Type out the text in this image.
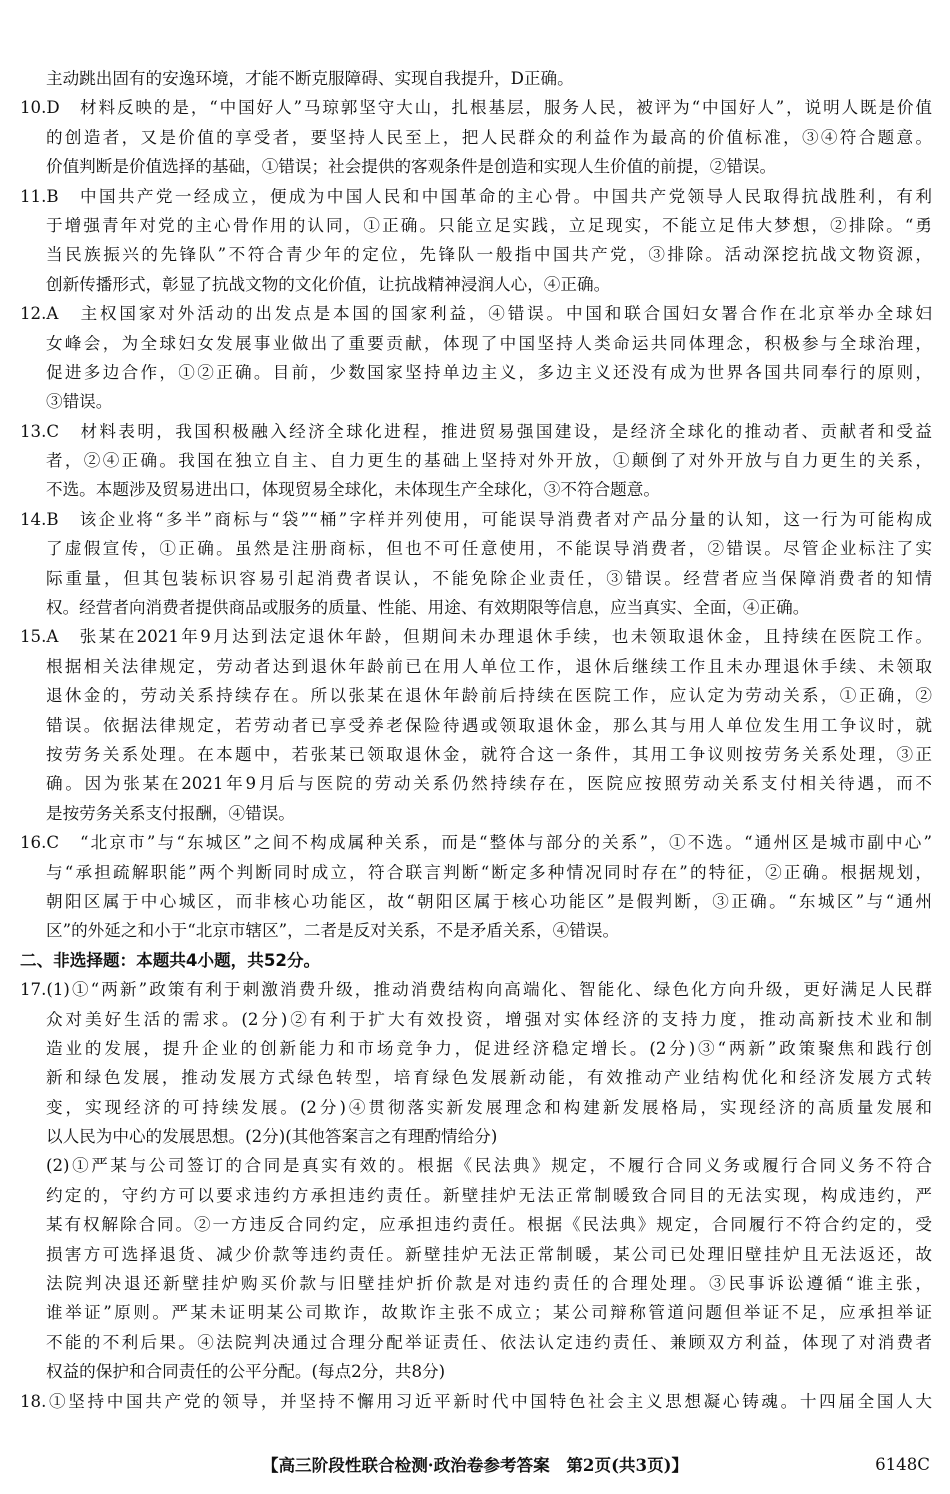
主动跳出固有的安逸环境，才能不断克服障碍、实现自我提升，D正确。
10.D　材料反映的是，“中国好人”马琼郭坚守大山，扎根基层，服务人民，被评为“中国好人”，说明人既是价值
的创造者，又是价值的享受者，要坚持人民至上，把人民群众的利益作为最高的价值标准，③④符合题意。
价值判断是价值选择的基础，①错误；社会提供的客观条件是创造和实现人生价值的前提，②错误。
11.B　中国共产党一经成立，便成为中国人民和中国革命的主心骨。中国共产党领导人民取得抗战胜利，有利
于增强青年对党的主心骨作用的认同，①正确。只能立足实践，立足现实，不能立足伟大梦想，②排除。“勇
当民族振兴的先锋队”不符合青少年的定位，先锋队一般指中国共产党，③排除。活动深挖抗战文物资源，
创新传播形式，彰显了抗战文物的文化价值，让抗战精神浸润人心，④正确。
12.A　主权国家对外活动的出发点是本国的国家利益，④错误。中国和联合国妇女署合作在北京举办全球妇
女峰会，为全球妇女发展事业做出了重要贡献，体现了中国坚持人类命运共同体理念，积极参与全球治理，
促进多边合作，①②正确。目前，少数国家坚持单边主义，多边主义还没有成为世界各国共同奉行的原则，
③错误。
13.C　材料表明，我国积极融入经济全球化进程，推进贸易强国建设，是经济全球化的推动者、贡献者和受益
者，②④正确。我国在独立自主、自力更生的基础上坚持对外开放，①颠倒了对外开放与自力更生的关系，
不选。本题涉及贸易进出口，体现贸易全球化，未体现生产全球化，③不符合题意。
14.B　该企业将“多半”商标与“袋”“桶”字样并列使用，可能误导消费者对产品分量的认知，这一行为可能构成
了虚假宣传，①正确。虽然是注册商标，但也不可任意使用，不能误导消费者，②错误。尽管企业标注了实
际重量，但其包装标识容易引起消费者误认，不能免除企业责任，③错误。经营者应当保障消费者的知情
权。经营者向消费者提供商品或服务的质量、性能、用途、有效期限等信息，应当真实、全面，④正确。
15.A　张某在2021年9月达到法定退休年龄，但期间未办理退休手续，也未领取退休金，且持续在医院工作。
根据相关法律规定，劳动者达到退休年龄前已在用人单位工作，退休后继续工作且未办理退休手续、未领取
退休金的，劳动关系持续存在。所以张某在退休年龄前后持续在医院工作，应认定为劳动关系，①正确，②
错误。依据法律规定，若劳动者已享受养老保险待遇或领取退休金，那么其与用人单位发生用工争议时，就
按劳务关系处理。在本题中，若张某已领取退休金，就符合这一条件，其用工争议则按劳务关系处理，③正
确。因为张某在2021年9月后与医院的劳动关系仍然持续存在，医院应按照劳动关系支付相关待遇，而不
是按劳务关系支付报酬，④错误。
16.C　“北京市”与“东城区”之间不构成属种关系，而是“整体与部分的关系”，①不选。“通州区是城市副中心”
与“承担疏解职能”两个判断同时成立，符合联言判断“断定多种情况同时存在”的特征，②正确。根据规划，
朝阳区属于中心城区，而非核心功能区，故“朝阳区属于核心功能区”是假判断，③正确。“东城区”与“通州
区”的外延之和小于“北京市辖区”，二者是反对关系，不是矛盾关系，④错误。
二、非选择题：本题共4小题，共52分。
17.(1)①“两新”政策有利于刺激消费升级，推动消费结构向高端化、智能化、绿色化方向升级，更好满足人民群
众对美好生活的需求。(2分)②有利于扩大有效投资，增强对实体经济的支持力度，推动高新技术业和制
造业的发展，提升企业的创新能力和市场竞争力，促进经济稳定增长。(2分)③“两新”政策聚焦和践行创
新和绿色发展，推动发展方式绿色转型，培育绿色发展新动能，有效推动产业结构优化和经济发展方式转
变，实现经济的可持续发展。(2分)④贯彻落实新发展理念和构建新发展格局，实现经济的高质量发展和
以人民为中心的发展思想。(2分)(其他答案言之有理酌情给分)
(2)①严某与公司签订的合同是真实有效的。根据《民法典》规定，不履行合同义务或履行合同义务不符合
约定的，守约方可以要求违约方承担违约责任。新壁挂炉无法正常制暖致合同目的无法实现，构成违约，严
某有权解除合同。②一方违反合同约定，应承担违约责任。根据《民法典》规定，合同履行不符合约定的，受
损害方可选择退货、减少价款等违约责任。新壁挂炉无法正常制暖，某公司已处理旧壁挂炉且无法返还，故
法院判决退还新壁挂炉购买价款与旧壁挂炉折价款是对违约责任的合理处理。③民事诉讼遵循“谁主张，
谁举证”原则。严某未证明某公司欺诈，故欺诈主张不成立；某公司辩称管道问题但举证不足，应承担举证
不能的不利后果。④法院判决通过合理分配举证责任、依法认定违约责任、兼顾双方利益，体现了对消费者
权益的保护和合同责任的公平分配。(每点2分，共8分)
18.①坚持中国共产党的领导，并坚持不懈用习近平新时代中国特色社会主义思想凝心铸魂。十四届全国人大
【高三阶段性联合检测·政治卷参考答案　第2页(共3页)】	6148C
